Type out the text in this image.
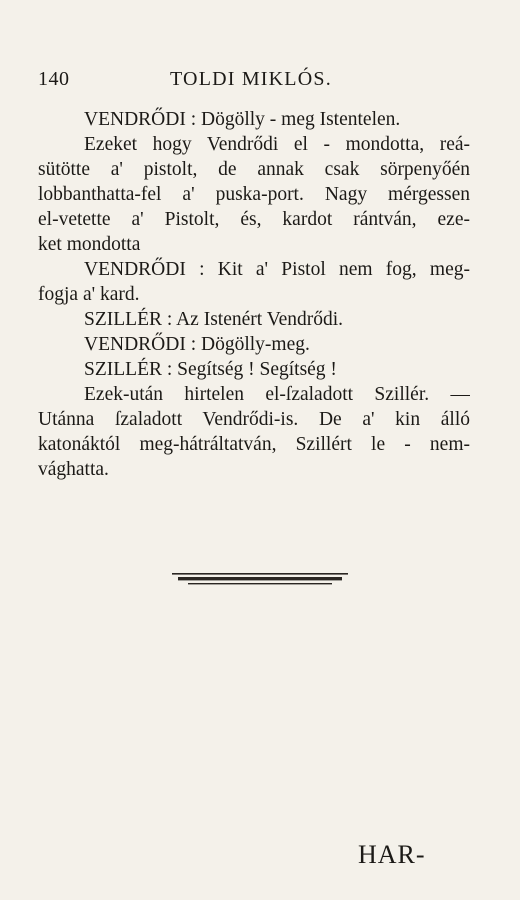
140	TOLDI MIKLÓS.
VENDRŐDI : Dögölly - meg Istentelen.
Ezeket hogy Vendrődi el - mondotta, reá-
sütötte a' pistolt, de annak csak sörpenyőén
lobbanthatta-fel a' puska-port. Nagy mérgessen
el-vetette a' Pistolt, és, kardot rántván, eze-
ket mondotta
VENDRŐDI : Kit a' Pistol nem fog, meg-
fogja a' kard.
SZILLÉR : Az Istenért Vendrődi.
VENDRŐDI : Dögölly-meg.
SZILLÉR : Segítség ! Segítség !
Ezek-után hirtelen el-ſzaladott Szillér. —
Utánna ſzaladott Vendrődi-is. De a' kin álló
katonáktól meg-hátráltatván, Szillért le - nem-
vághatta.
HAR-
